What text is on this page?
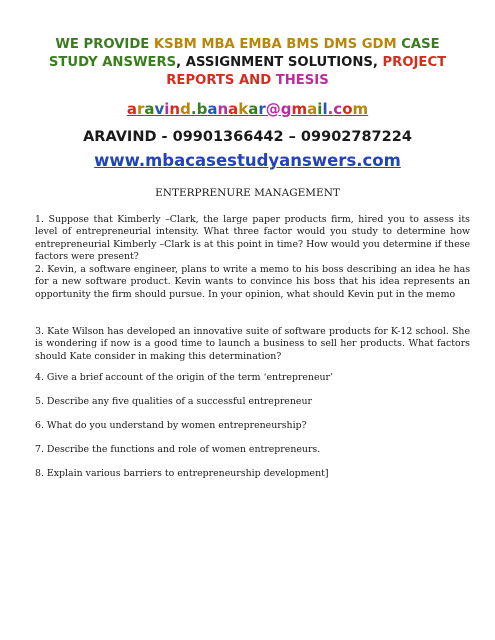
WE PROVIDE KSBM MBA EMBA BMS DMS GDM CASE STUDY ANSWERS, ASSIGNMENT SOLUTIONS, PROJECT REPORTS AND THESIS
aravind.banakar@gmail.com
ARAVIND - 09901366442 – 09902787224
www.mbacasestudyanswers.com
ENTERPRENURE MANAGEMENT

1. Suppose that Kimberly –Clark, the large paper products firm, hired you to assess its level of entrepreneurial intensity. What three factor would you study to determine how entrepreneurial Kimberly –Clark is at this point in time? How would you determine if these factors were present?

2. Kevin, a software engineer, plans to write a memo to his boss describing an idea he has for a new software product. Kevin wants to convince his boss that his idea represents an opportunity the firm should pursue. In your opinion, what should Kevin put in the memo

3. Kate Wilson has developed an innovative suite of software products for K-12 school. She is wondering if now is a good time to launch a business to sell her products. What factors should Kate consider in making this determination?

4. Give a brief account of the origin of the term ‘entrepreneur’

5. Describe any five qualities of a successful entrepreneur

6. What do you understand by women entrepreneurship?

7. Describe the functions and role of women entrepreneurs.

8. Explain various barriers to entrepreneurship development]
